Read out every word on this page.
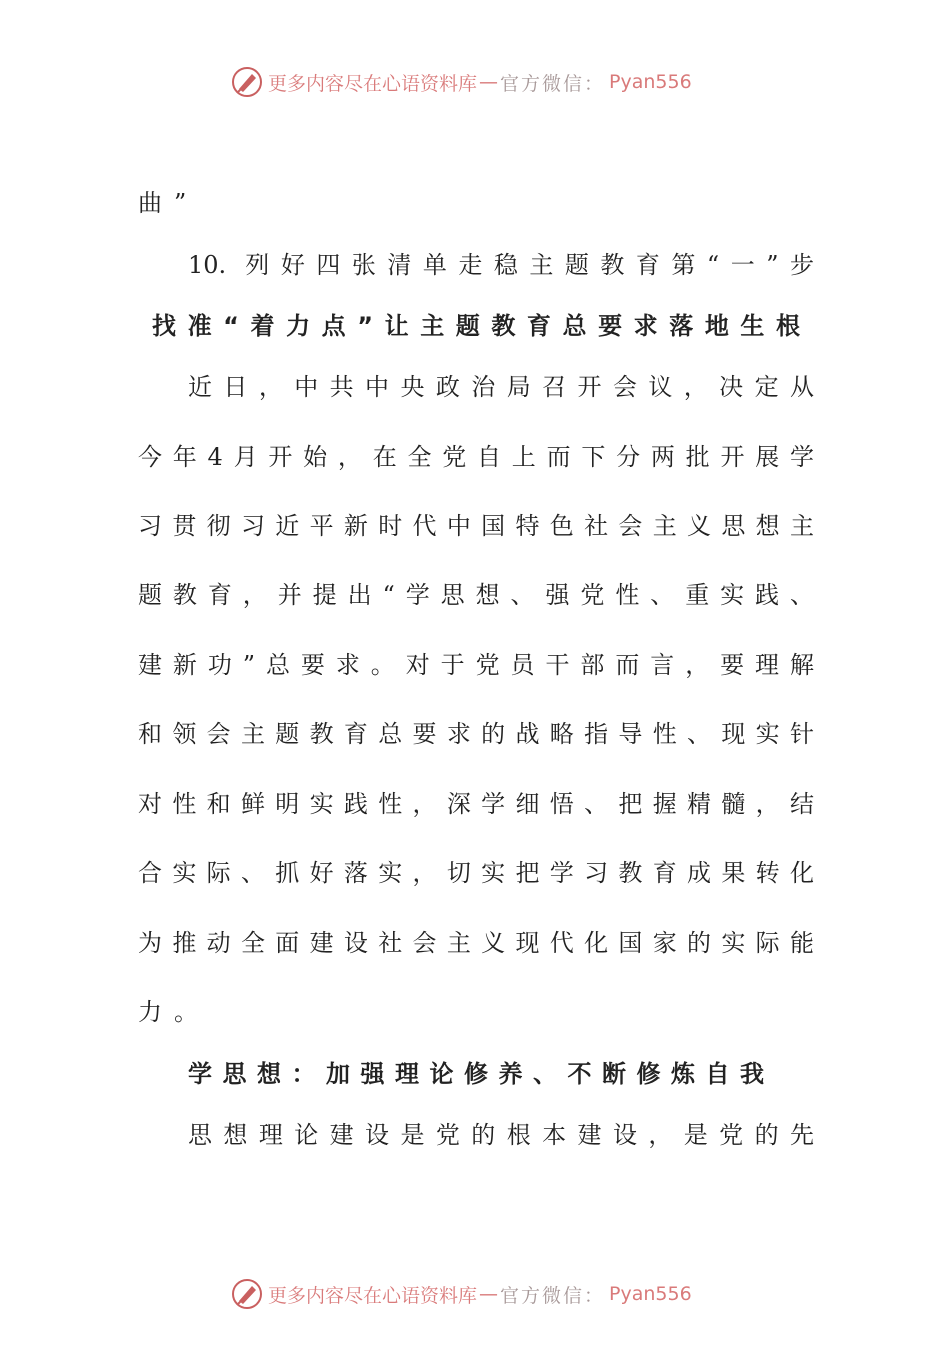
更多内容尽在心语资料库 — 官方微信： Pyan556
曲”
10. 列好四张清单走稳主题教育第“一”步
找准“着力点”让主题教育总要求落地生根
近日，中共中央政治局召开会议，决定从
今年4月开始，在全党自上而下分两批开展学
习贯彻习近平新时代中国特色社会主义思想主
题教育，并提出“学思想、强党性、重实践、
建新功”总要求。对于党员干部而言，要理解
和领会主题教育总要求的战略指导性、现实针
对性和鲜明实践性，深学细悟、把握精髓，结
合实际、抓好落实，切实把学习教育成果转化
为推动全面建设社会主义现代化国家的实际能
力。
学思想：加强理论修养、不断修炼自我
思想理论建设是党的根本建设，是党的先
更多内容尽在心语资料库 — 官方微信： Pyan556
